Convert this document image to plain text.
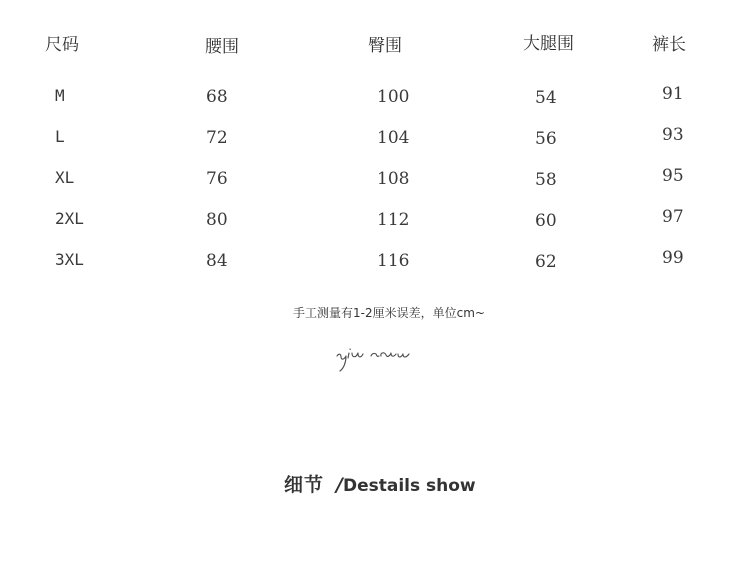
尺码	腰围	臀围	大腿围	裤长
M	68	100	54	91
L	72	104	56	93
XL	76	108	58	95
2XL	80	112	60	97
3XL	84	116	62	99
手工测量有1-2厘米误差，单位cm~
细节 /Destails show
